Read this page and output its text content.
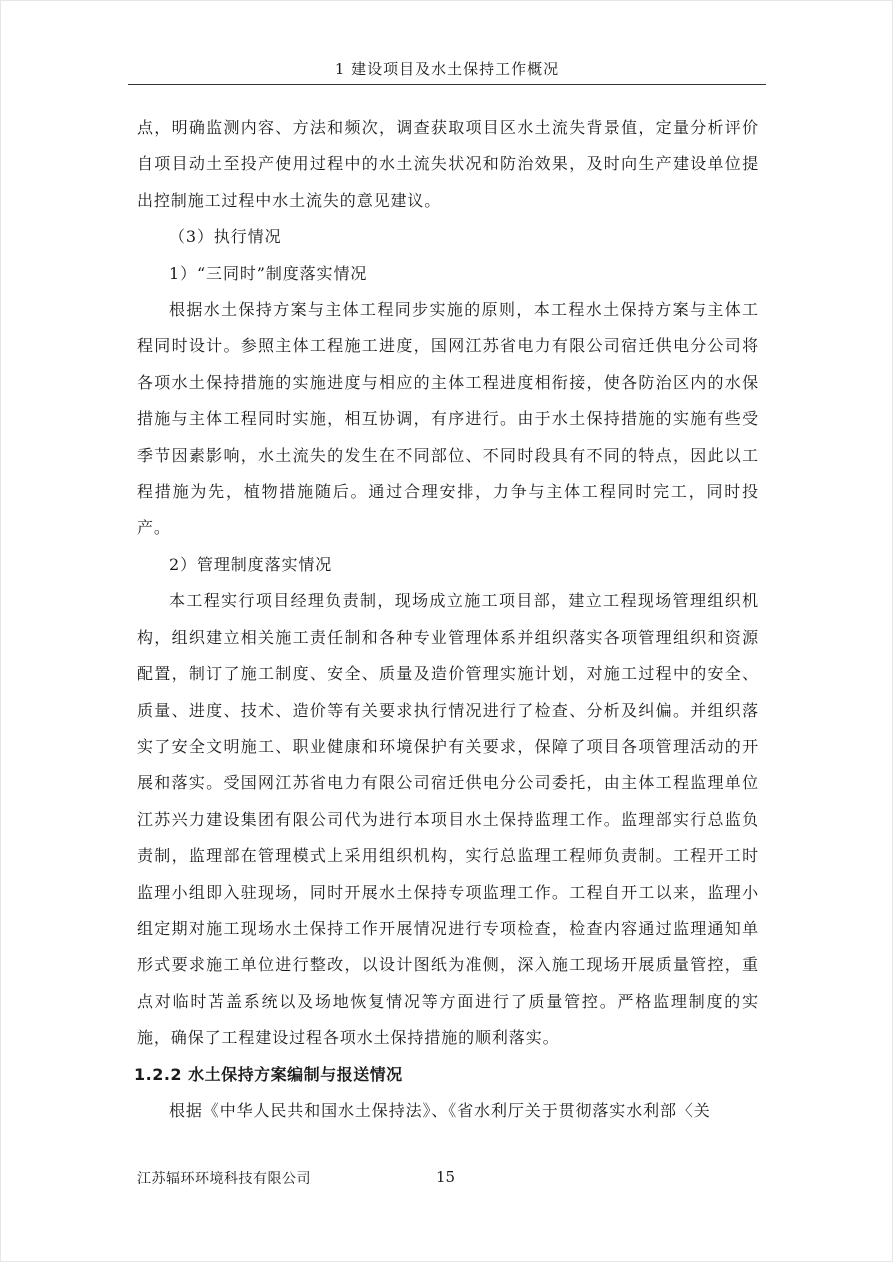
1 建设项目及水土保持工作概况

点，明确监测内容、方法和频次，调查获取项目区水土流失背景值，定量分析评价自项目动土至投产使用过程中的水土流失状况和防治效果，及时向生产建设单位提出控制施工过程中水土流失的意见建议。

（3）执行情况

1）“三同时”制度落实情况

根据水土保持方案与主体工程同步实施的原则，本工程水土保持方案与主体工程同时设计。参照主体工程施工进度，国网江苏省电力有限公司宿迁供电分公司将各项水土保持措施的实施进度与相应的主体工程进度相衔接，使各防治区内的水保措施与主体工程同时实施，相互协调，有序进行。由于水土保持措施的实施有些受季节因素影响，水土流失的发生在不同部位、不同时段具有不同的特点，因此以工程措施为先，植物措施随后。通过合理安排，力争与主体工程同时完工，同时投产。

2）管理制度落实情况

本工程实行项目经理负责制，现场成立施工项目部，建立工程现场管理组织机构，组织建立相关施工责任制和各种专业管理体系并组织落实各项管理组织和资源配置，制订了施工制度、安全、质量及造价管理实施计划，对施工过程中的安全、质量、进度、技术、造价等有关要求执行情况进行了检查、分析及纠偏。并组织落实了安全文明施工、职业健康和环境保护有关要求，保障了项目各项管理活动的开展和落实。受国网江苏省电力有限公司宿迁供电分公司委托，由主体工程监理单位江苏兴力建设集团有限公司代为进行本项目水土保持监理工作。监理部实行总监负责制，监理部在管理模式上采用组织机构，实行总监理工程师负责制。工程开工时监理小组即入驻现场，同时开展水土保持专项监理工作。工程自开工以来，监理小组定期对施工现场水土保持工作开展情况进行专项检查，检查内容通过监理通知单形式要求施工单位进行整改，以设计图纸为准侧，深入施工现场开展质量管控，重点对临时苫盖系统以及场地恢复情况等方面进行了质量管控。严格监理制度的实施，确保了工程建设过程各项水土保持措施的顺利落实。

1.2.2 水土保持方案编制与报送情况

根据《中华人民共和国水土保持法》、《省水利厅关于贯彻落实水利部〈关

江苏辐环环境科技有限公司	15
